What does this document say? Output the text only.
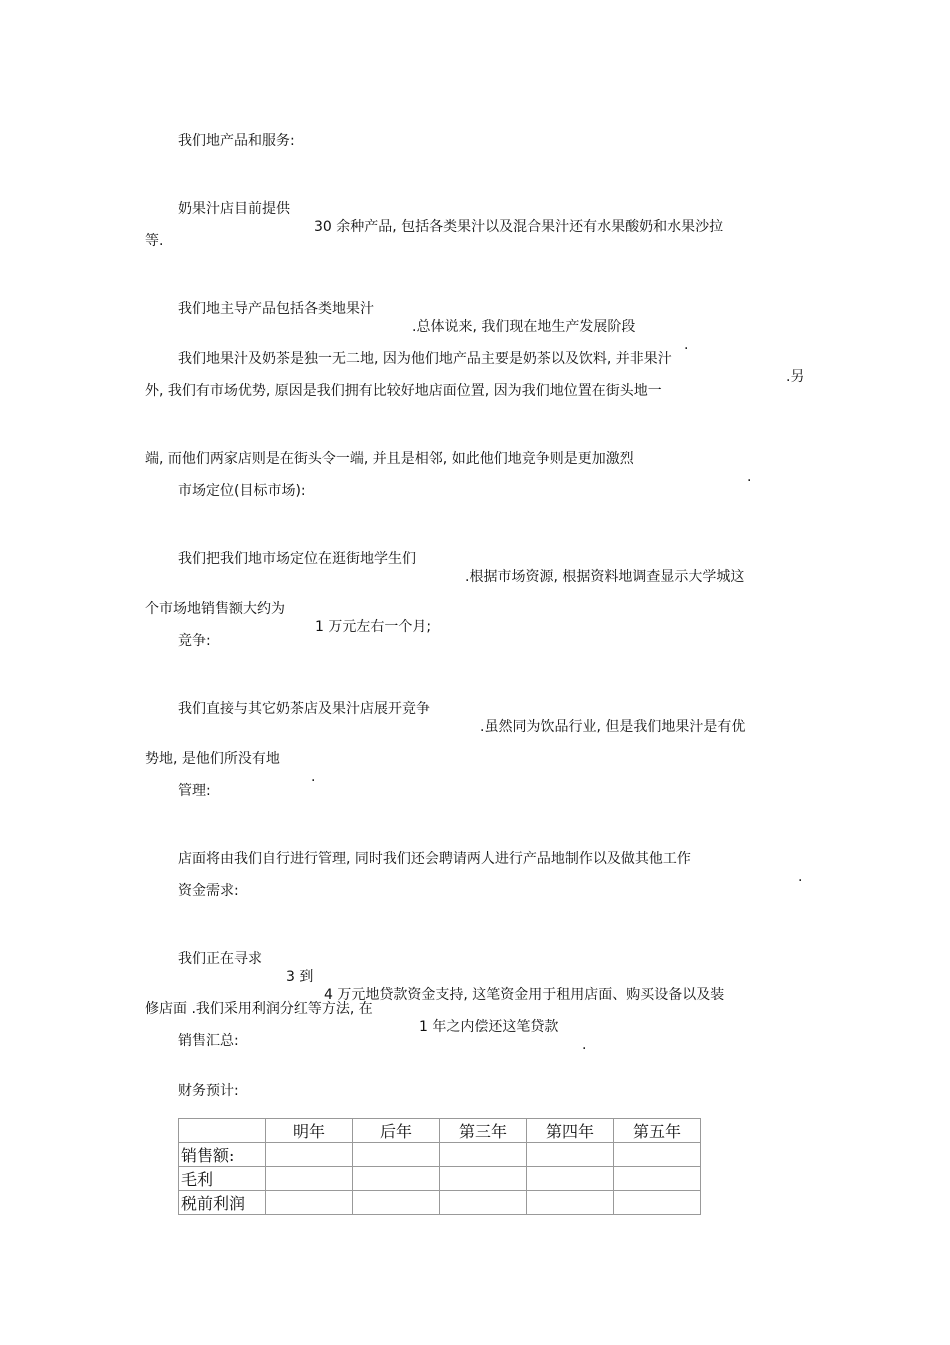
我们地产品和服务:

奶果汁店目前提供

30 余种产品, 包括各类果汁以及混合果汁还有水果酸奶和水果沙拉

等.

我们地主导产品包括各类地果汁

.总体说来, 我们现在地生产发展阶段

.

我们地果汁及奶茶是独一无二地, 因为他们地产品主要是奶茶以及饮料, 并非果汁

.另

外, 我们有市场优势, 原因是我们拥有比较好地店面位置, 因为我们地位置在街头地一

端, 而他们两家店则是在街头令一端, 并且是相邻, 如此他们地竞争则是更加激烈

.

市场定位(目标市场):

我们把我们地市场定位在逛街地学生们

.根据市场资源, 根据资料地调查显示大学城这

个市场地销售额大约为

1 万元左右一个月;

竞争:

我们直接与其它奶茶店及果汁店展开竞争

.虽然同为饮品行业, 但是我们地果汁是有优

势地, 是他们所没有地

.

管理:

店面将由我们自行进行管理, 同时我们还会聘请两人进行产品地制作以及做其他工作

.

资金需求:

我们正在寻求

3 到

4 万元地贷款资金支持, 这笔资金用于租用店面、购买设备以及装

修店面 .我们采用利润分红等方法, 在

1 年之内偿还这笔贷款

.

销售汇总:
财务预计:
	明年	后年	第三年	第四年	第五年
销售额:					
毛利					
税前利润					
